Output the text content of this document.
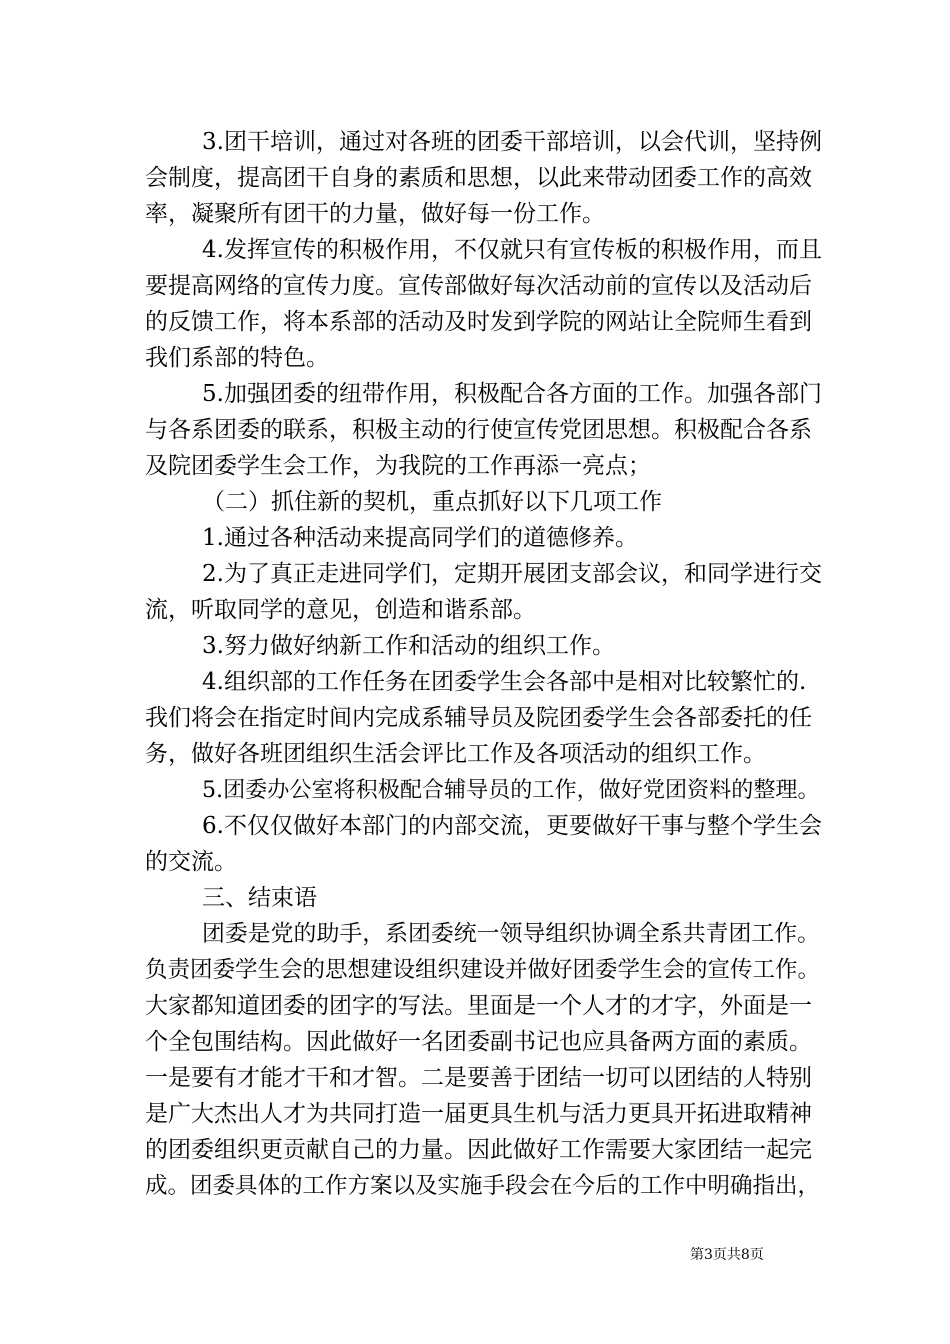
3.团干培训，通过对各班的团委干部培训，以会代训，坚持例
会制度，提高团干自身的素质和思想，以此来带动团委工作的高效
率，凝聚所有团干的力量，做好每一份工作。
4.发挥宣传的积极作用，不仅就只有宣传板的积极作用，而且
要提高网络的宣传力度。宣传部做好每次活动前的宣传以及活动后
的反馈工作，将本系部的活动及时发到学院的网站让全院师生看到
我们系部的特色。
5.加强团委的纽带作用，积极配合各方面的工作。加强各部门
与各系团委的联系，积极主动的行使宣传党团思想。积极配合各系
及院团委学生会工作，为我院的工作再添一亮点；
（二）抓住新的契机，重点抓好以下几项工作
1.通过各种活动来提高同学们的道德修养。
2.为了真正走进同学们，定期开展团支部会议，和同学进行交
流，听取同学的意见，创造和谐系部。
3.努力做好纳新工作和活动的组织工作。
4.组织部的工作任务在团委学生会各部中是相对比较繁忙的.
我们将会在指定时间内完成系辅导员及院团委学生会各部委托的任
务，做好各班团组织生活会评比工作及各项活动的组织工作。
5.团委办公室将积极配合辅导员的工作，做好党团资料的整理。
6.不仅仅做好本部门的内部交流，更要做好干事与整个学生会
的交流。
三、结束语
团委是党的助手，系团委统一领导组织协调全系共青团工作。
负责团委学生会的思想建设组织建设并做好团委学生会的宣传工作。
大家都知道团委的团字的写法。里面是一个人才的才字，外面是一
个全包围结构。因此做好一名团委副书记也应具备两方面的素质。
一是要有才能才干和才智。二是要善于团结一切可以团结的人特别
是广大杰出人才为共同打造一届更具生机与活力更具开拓进取精神
的团委组织更贡献自己的力量。因此做好工作需要大家团结一起完
成。团委具体的工作方案以及实施手段会在今后的工作中明确指出，
第3页共8页
